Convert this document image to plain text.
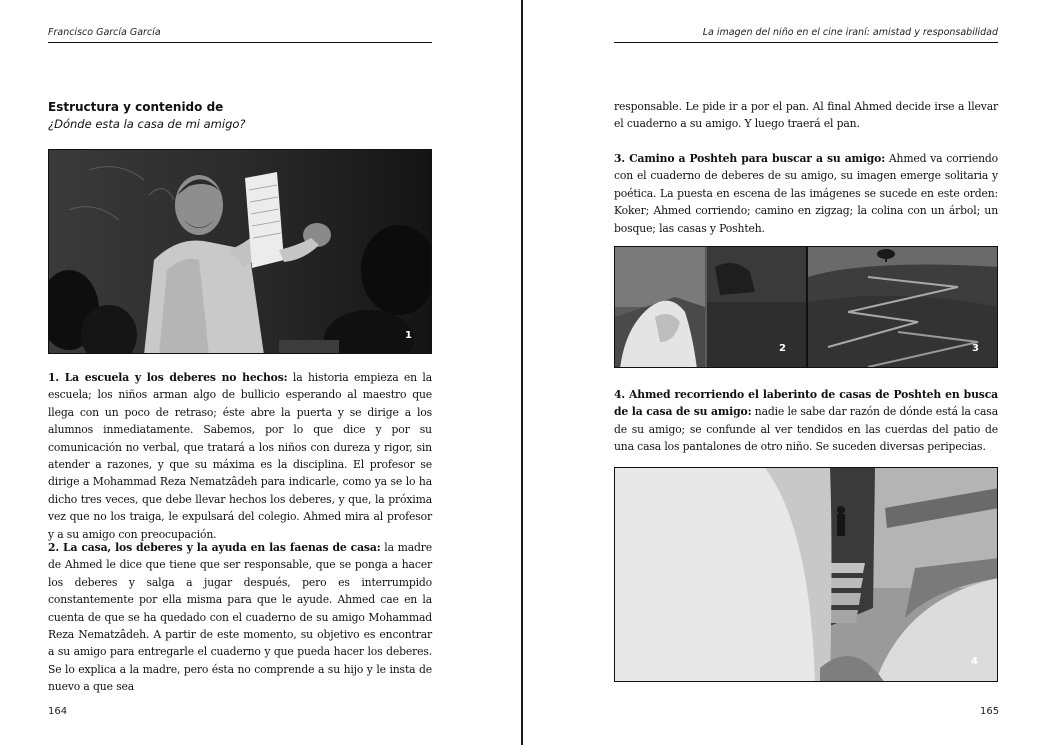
Francisco García García
Estructura y contenido de
¿Dónde esta la casa de mi amigo?
1

1. La escuela y los deberes no hechos: la historia empieza en la escuela; los niños arman algo de bullicio esperando al maestro que llega con un poco de retraso; éste abre la puerta y se dirige a los alumnos inmediatamente. Sabemos, por lo que dice y por su comunicación no verbal, que tratará a los niños con dureza y rigor, sin atender a razones, y que su máxima es la disciplina. El profesor se dirige a Mohammad Reza Nematzâdeh para indicarle, como ya se lo ha dicho tres veces, que debe llevar hechos los deberes, y que, la próxima vez que no los traiga, le expulsará del colegio. Ahmed mira al profesor y a su amigo con preocupación.

2. La casa, los deberes y la ayuda en las faenas de casa: la madre de Ahmed le dice que tiene que ser responsable, que se ponga a hacer los deberes y salga a jugar después, pero es interrumpido constantemente por ella misma para que le ayude. Ahmed cae en la cuenta de que se ha quedado con el cuaderno de su amigo Mohammad Reza Nematzâdeh. A partir de este momento, su objetivo es encontrar a su amigo para entregarle el cuaderno y que pueda hacer los deberes. Se lo explica a la madre, pero ésta no comprende a su hijo y le insta de nuevo a que sea

164
La imagen del niño en el cine iraní: amistad y responsabilidad

responsable. Le pide ir a por el pan. Al final Ahmed decide irse a llevar el cuaderno a su amigo. Y luego traerá el pan.

3. Camino a Poshteh para buscar a su amigo: Ahmed va corriendo con el cuaderno de deberes de su amigo, su imagen emerge solitaria y poética. La puesta en escena de las imágenes se sucede en este orden: Koker; Ahmed corriendo; camino en zigzag; la colina con un árbol; un bosque; las casas y Poshteh.

2	3

4. Ahmed recorriendo el laberinto de casas de Poshteh en busca de la casa de su amigo: nadie le sabe dar razón de dónde está la casa de su amigo; se confunde al ver tendidos en las cuerdas del patio de una casa los pantalones de otro niño. Se suceden diversas peripecias.

4
165
